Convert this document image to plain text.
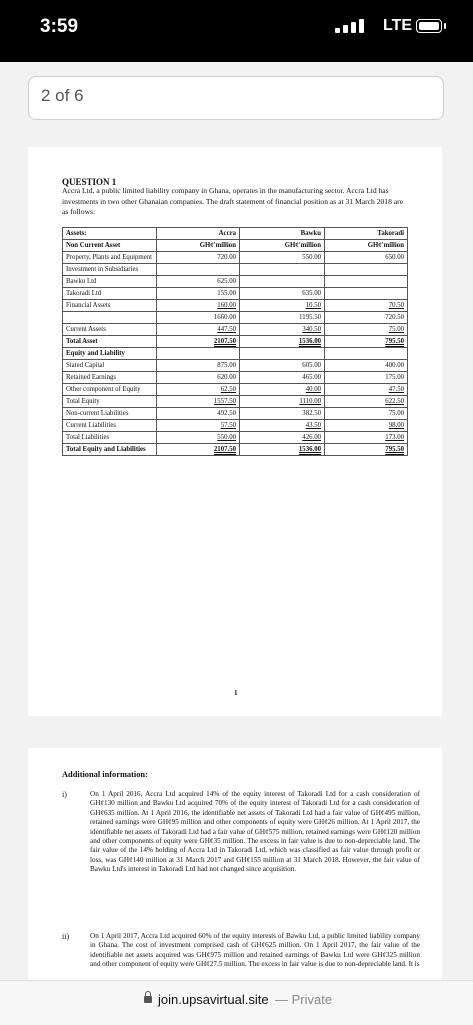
3:59	LTE
2 of 6
QUESTION 1
Accra Ltd, a public limited liability company in Ghana, operates in the manufacturing sector. Accra Ltd has investments in two other Ghanaian companies. The draft statement of financial position as at 31 March 2018 are as follows:
Assets:	Accra	Bawku	Takoradi
Non Current Asset	GH¢'million	GH¢'million	GH¢'million
Property, Plants and Equipment	720.00	550.00	650.00
Investment in Subsidiaries			
Bawku Ltd	625.00		
Takoradi Ltd	155.00	635.00	
Financial Assets	160.00	10.50	70.50
	1660.00	1195.50	720.50
Current Assets	447.50	340.50	75.00
Total Asset	2107.50	1536.00	795.50
Equity and Liability			
Stated Capital	875.00	605.00	400.00
Retained Earnings	620.00	465.00	175.00
Other component of Equity	62.50	40.00	47.50
Total Equity	1557.50	1110.00	622.50
Non-current Liabilities	492.50	382.50	75.00
Current Liabilities	57.50	43.50	98.00
Total Liabilities	550.00	426.00	173.00
Total Equity and Liabilities	2107.50	1536.00	795.50
1
Additional information:
i)	On 1 April 2016, Accra Ltd acquired 14% of the equity interest of Takoradi Ltd for a cash consideration of GH¢130 million and Bawku Ltd acquired 70% of the equity interest of Takoradi Ltd for a cash consideration of GH¢635 million. At 1 April 2016, the identifiable net assets of Takoradi Ltd had a fair value of GH¢495 million, retained earnings were GH¢95 million and other components of equity were GH¢26 million. At 1 April 2017, the identifiable net assets of Takoradi Ltd had a fair value of GH¢575 million, retained earnings were GH¢120 million and other components of equity were GH¢35 million. The excess in fair value is due to non-depreciable land. The fair value of the 14% holding of Accra Ltd in Takoradi Ltd, which was classified as fair value through profit or loss, was GH¢140 million at 31 March 2017 and GH¢155 million at 31 March 2018. However, the fair value of Bawku Ltd's interest in Takoradi Ltd had not changed since acquisition.
ii)	On 1 April 2017, Accra Ltd acquired 60% of the equity interests of Bawku Ltd, a public limited liability company in Ghana. The cost of investment comprised cash of GH¢625 million. On 1 April 2017, the fair value of the identifiable net assets acquired was GH¢975 million and retained earnings of Bawku Ltd were GH¢325 million and other component of equity were GH¢27.5 million. The excess in fair value is due to non-depreciable land. It is
join.upsavirtual.site — Private
